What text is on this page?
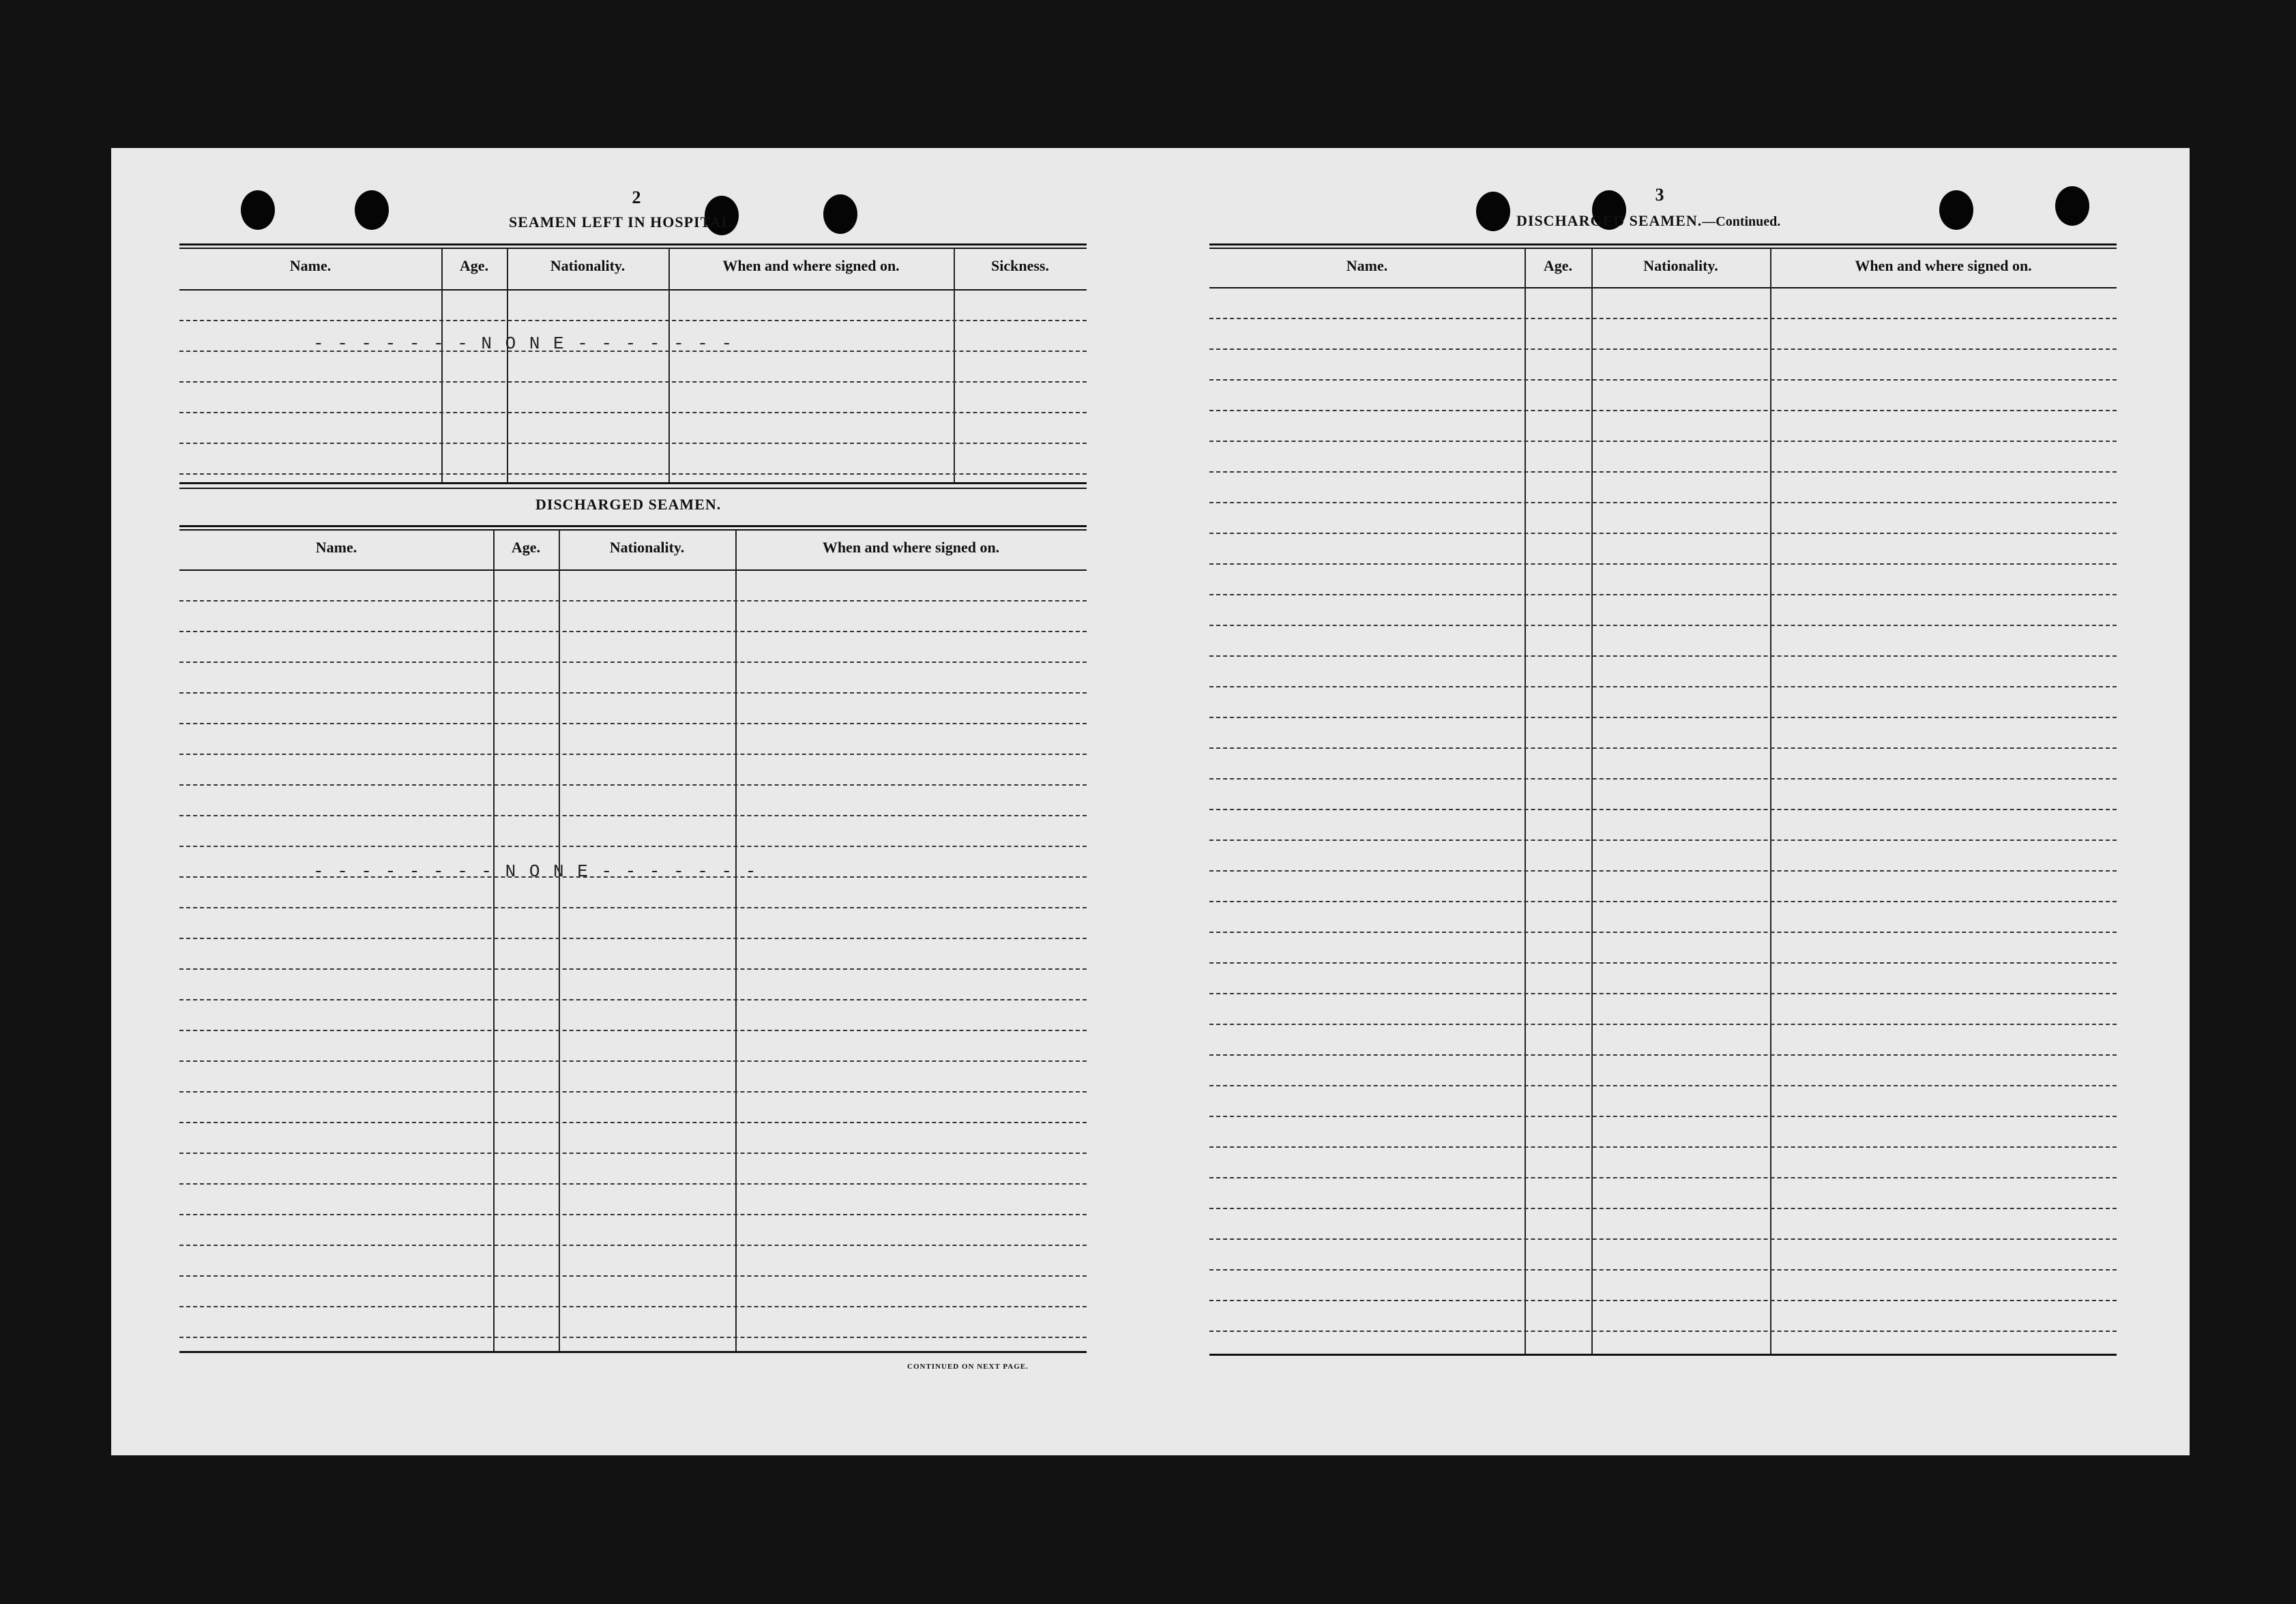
2
SEAMEN LEFT IN HOSPITAL.
Name.	Age.	Nationality.	When and where signed on.	Sickness.
DISCHARGED SEAMEN.
Name.	Age.	Nationality.	When and where signed on.
CONTINUED ON NEXT PAGE.
3
DISCHARGED SEAMEN.—Continued.
Name.	Age.	Nationality.	When and where signed on.
- - - - - - - N O N E - - - - - - -
- - - - - - - - N O N E - - - - - - -
